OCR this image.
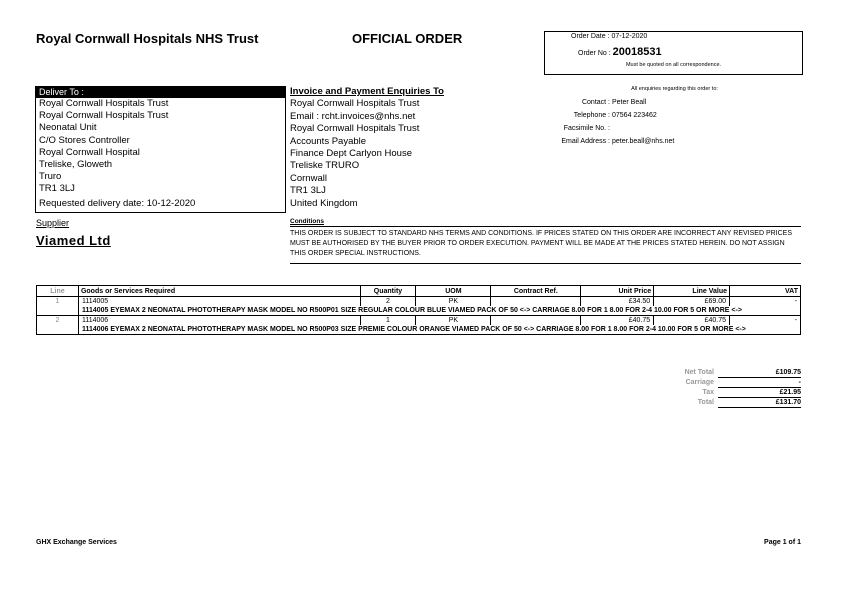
Royal Cornwall Hospitals NHS Trust	OFFICIAL ORDER	Order Date : 07-12-2020
Order No : 20018531
Must be quoted on all correspondence.
Deliver To :
Royal Cornwall Hospitals Trust
Royal Cornwall Hospitals Trust
Neonatal Unit
C/O Stores Controller
Royal Cornwall Hospital
Treliske, Gloweth
Truro
TR1 3LJ
Requested delivery date: 10-12-2020
Invoice and Payment Enquiries To
Royal Cornwall Hospitals Trust
Email : rcht.invoices@nhs.net
Royal Cornwall Hospitals Trust
Accounts Payable
Finance Dept Carlyon House
Treliske TRURO
Cornwall
TR1 3LJ
United Kingdom
All enquiries regarding this order to:
Contact : Peter Beall
Telephone : 07564 223462
Facsimile No. :
Email Address : peter.beall@nhs.net
Supplier
Viamed Ltd
Conditions
THIS ORDER IS SUBJECT TO STANDARD NHS TERMS AND CONDITIONS. IF PRICES STATED ON THIS ORDER ARE INCORRECT ANY REVISED PRICES MUST BE AUTHORISED BY THE BUYER PRIOR TO ORDER EXECUTION. PAYMENT WILL BE MADE AT THE PRICES STATED HEREIN. DO NOT ASSIGN THIS ORDER SPECIAL INSTRUCTIONS.
Line	Goods or Services Required	Quantity	UOM	Contract Ref.	Unit Price	Line Value	VAT
1	1114005	2	PK		£34.50	£69.00	-
	1114005 EYEMAX 2 NEONATAL PHOTOTHERAPY MASK MODEL NO R500P01 SIZE REGULAR COLOUR BLUE VIAMED PACK OF 50 <-> CARRIAGE 8.00 FOR 1 8.00 FOR 2-4 10.00 FOR 5 OR MORE <->						
2	1114006	1	PK		£40.75	£40.75	-
	1114006 EYEMAX 2 NEONATAL PHOTOTHERAPY MASK MODEL NO R500P03 SIZE PREMIE COLOUR ORANGE VIAMED PACK OF 50 <-> CARRIAGE 8.00 FOR 1 8.00 FOR 2-4 10.00 FOR 5 OR MORE <->						
Net Total	£109.75
Carriage	-
Tax	£21.95
Total	£131.70
GHX Exchange Services	Page 1 of 1
